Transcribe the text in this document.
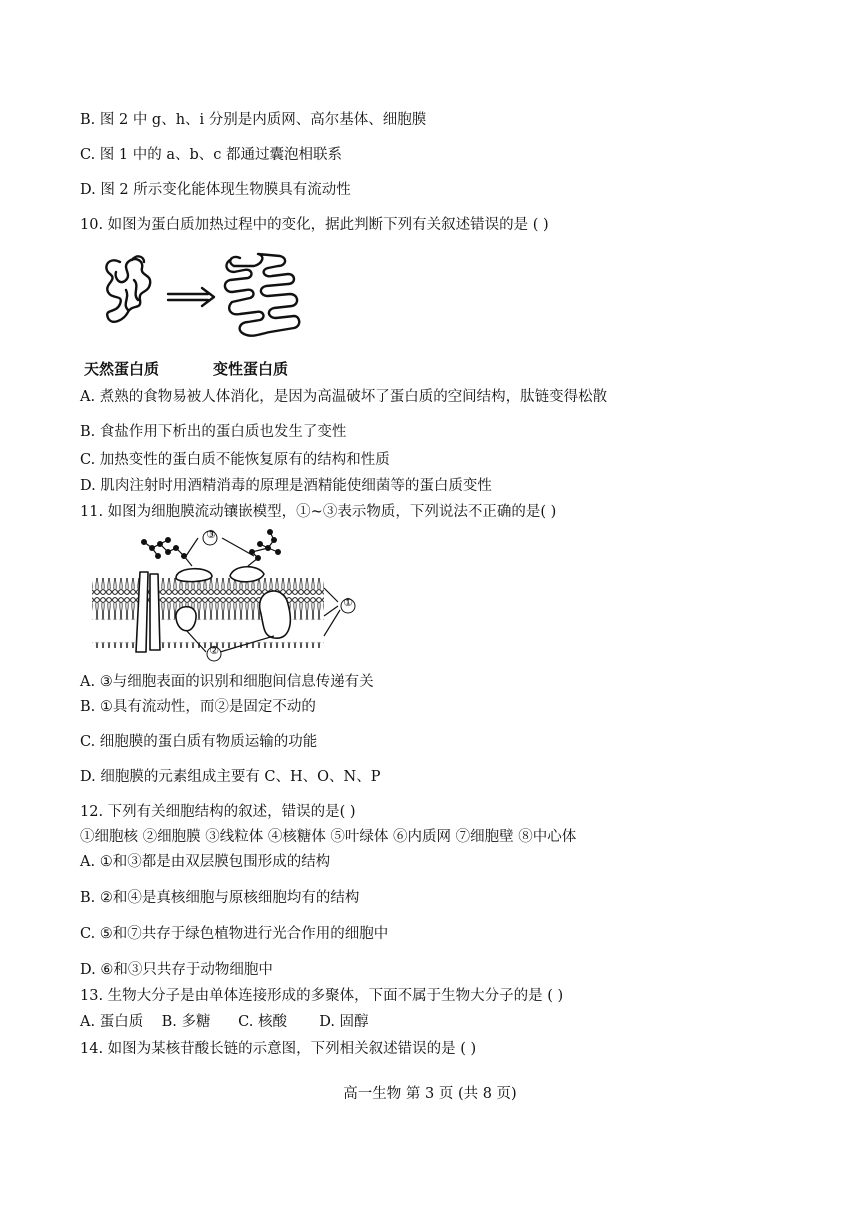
B. 图 2 中 g、h、i 分别是内质网、高尔基体、细胞膜
C. 图 1 中的 a、b、c 都通过囊泡相联系
D. 图 2 所示变化能体现生物膜具有流动性
10. 如图为蛋白质加热过程中的变化，据此判断下列有关叙述错误的是 ( )
天然蛋白质	变性蛋白质
A. 煮熟的食物易被人体消化，是因为高温破坏了蛋白质的空间结构，肽链变得松散
B. 食盐作用下析出的蛋白质也发生了变性
C. 加热变性的蛋白质不能恢复原有的结构和性质
D. 肌肉注射时用酒精消毒的原理是酒精能使细菌等的蛋白质变性
11. 如图为细胞膜流动镶嵌模型，①~③表示物质，下列说法不正确的是( )
③
①
②
A. ③与细胞表面的识别和细胞间信息传递有关
B. ①具有流动性，而②是固定不动的
C. 细胞膜的蛋白质有物质运输的功能
D. 细胞膜的元素组成主要有 C、H、O、N、P
12. 下列有关细胞结构的叙述，错误的是( )
①细胞核 ②细胞膜 ③线粒体 ④核糖体 ⑤叶绿体 ⑥内质网 ⑦细胞壁 ⑧中心体
A. ①和③都是由双层膜包围形成的结构
B. ②和④是真核细胞与原核细胞均有的结构
C. ⑤和⑦共存于绿色植物进行光合作用的细胞中
D. ⑥和③只共存于动物细胞中
13. 生物大分子是由单体连接形成的多聚体，下面不属于生物大分子的是 ( )
A. 蛋白质    B. 多糖      C. 核酸       D. 固醇
14. 如图为某核苷酸长链的示意图，下列相关叙述错误的是 ( )
高一生物 第 3 页 (共 8 页)
